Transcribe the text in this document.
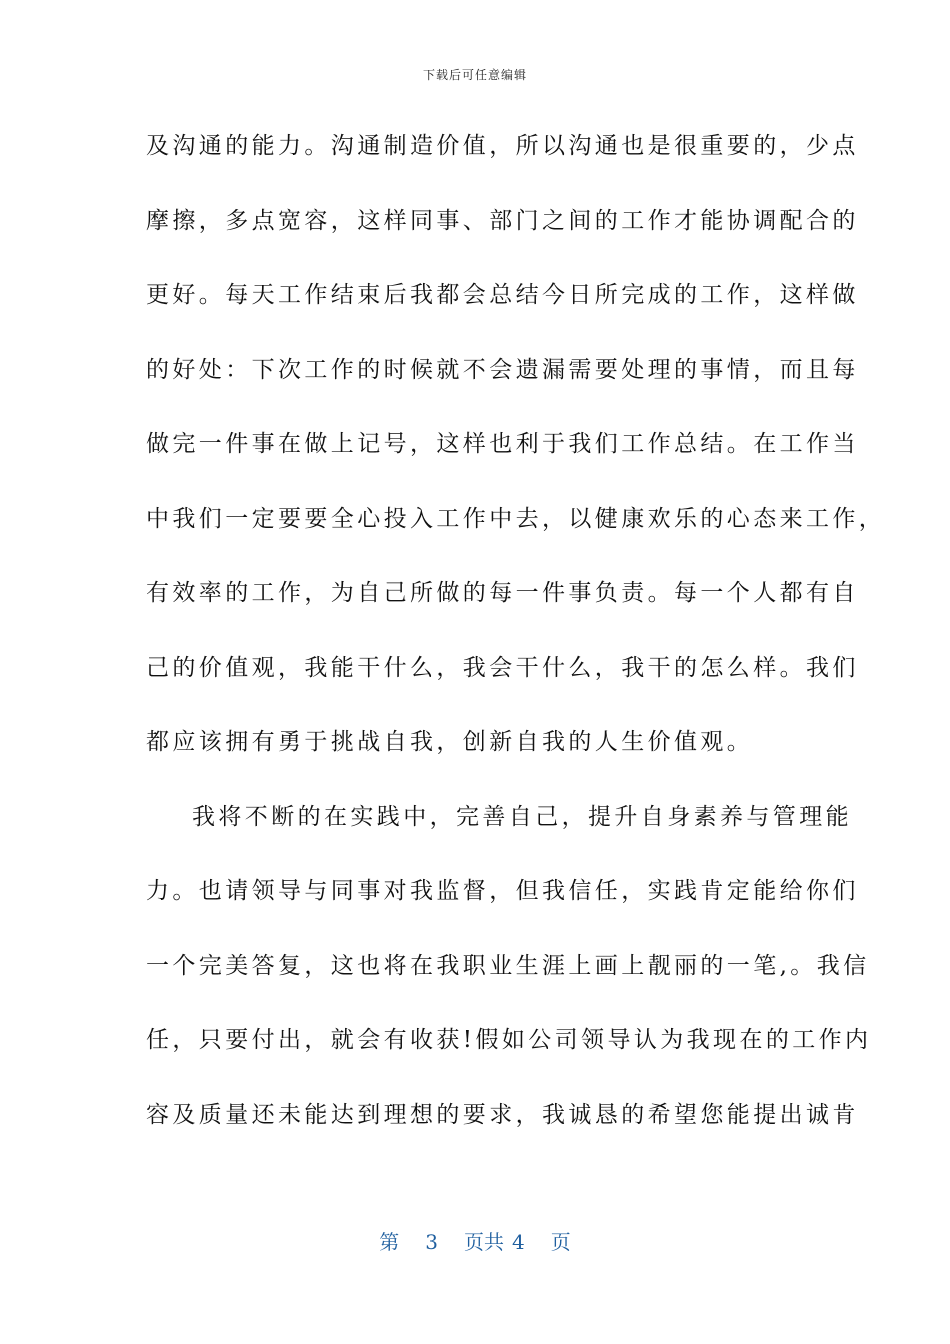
下载后可任意编辑
及沟通的能力。沟通制造价值，所以沟通也是很重要的，少点
摩擦，多点宽容，这样同事、部门之间的工作才能协调配合的
更好。每天工作结束后我都会总结今日所完成的工作，这样做
的好处：下次工作的时候就不会遗漏需要处理的事情，而且每
做完一件事在做上记号，这样也利于我们工作总结。在工作当
中我们一定要要全心投入工作中去，以健康欢乐的心态来工作，
有效率的工作，为自己所做的每一件事负责。每一个人都有自
己的价值观，我能干什么，我会干什么，我干的怎么样。我们
都应该拥有勇于挑战自我，创新自我的人生价值观。
我将不断的在实践中，完善自己，提升自身素养与管理能
力。也请领导与同事对我监督，但我信任，实践肯定能给你们
一个完美答复，这也将在我职业生涯上画上靓丽的一笔,。我信
任，只要付出，就会有收获!假如公司领导认为我现在的工作内
容及质量还未能达到理想的要求，我诚恳的希望您能提出诚肯
第 3 页共 4 页
